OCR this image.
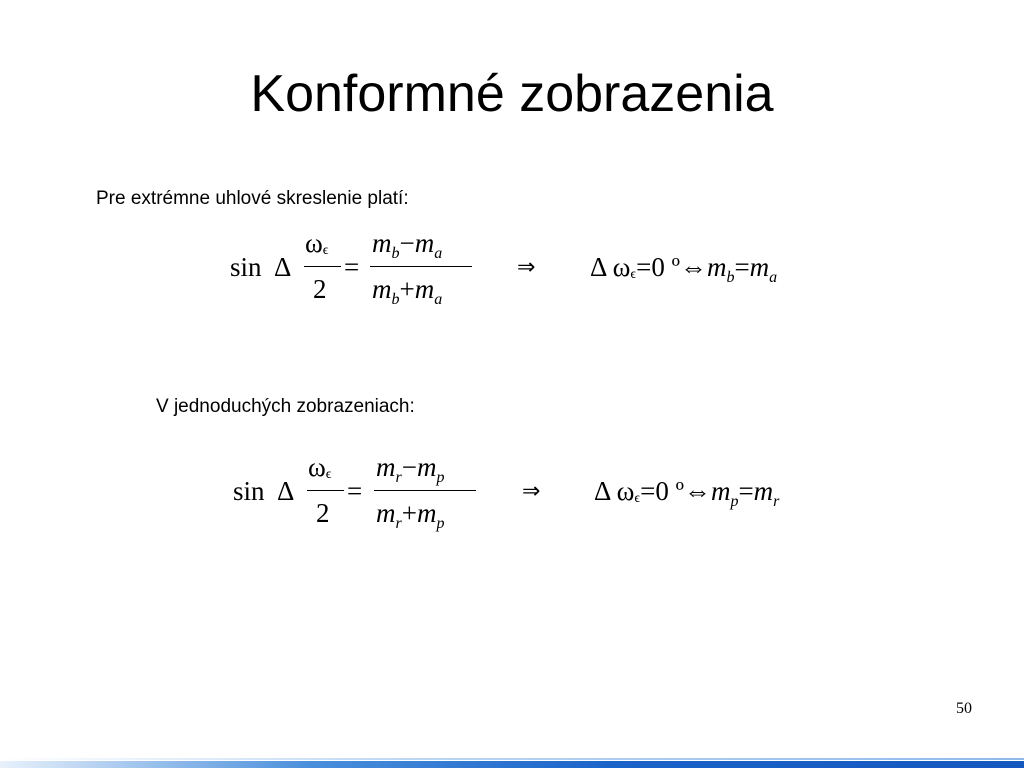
Konformné zobrazenia
Pre extrémne uhlové skreslenie platí:
sin Δ
ωϵ
2
=
$m_b-m_a$
$m_b+m_a$
⇒ Δ ωϵ=0 $º\Leftrightarrow m_b=m_a$
V jednoduchých zobrazeniach:
sin Δ
ωϵ
2
=
$m_r-m_p$
$m_r+m_p$
⇒ Δ ωϵ=0 $º\Leftrightarrow m_p=m_r$
50
